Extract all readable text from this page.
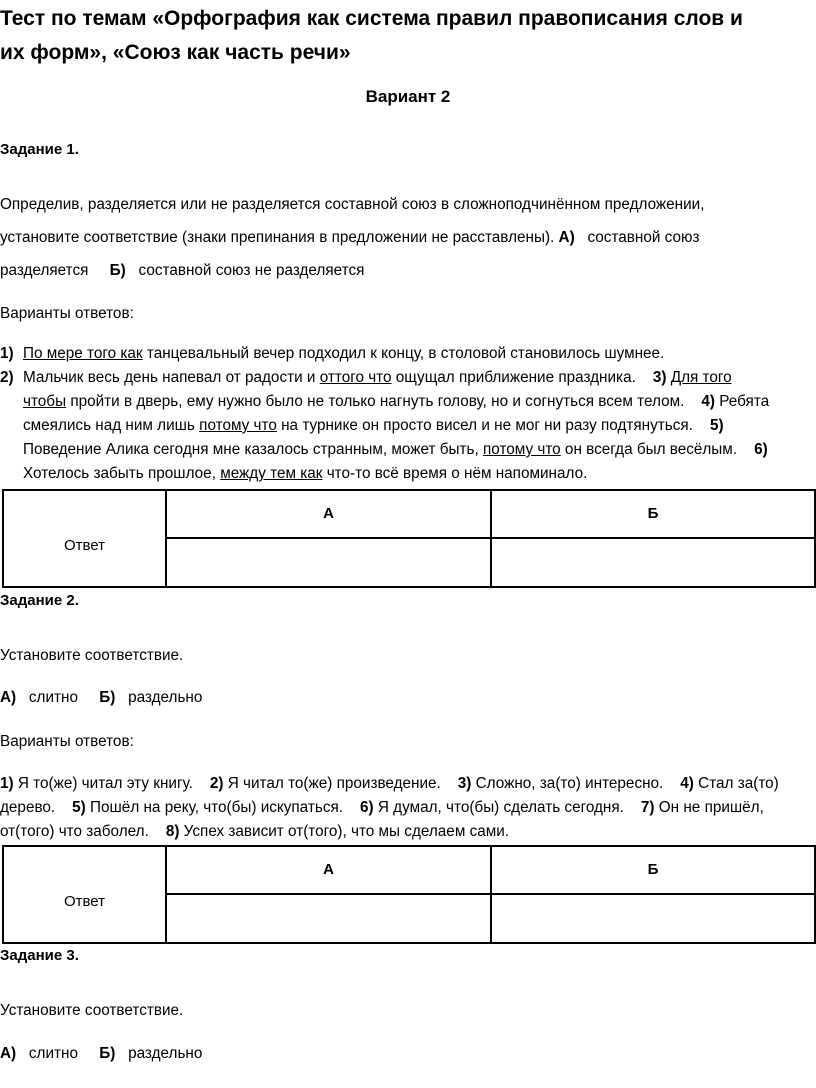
Тест по темам «Орфография как система правил правописания слов и
их форм», «Союз как часть речи»
Вариант 2
Задание 1.
Определив, разделяется или не разделяется составной союз в сложноподчинённом предложении,
установите соответствие (знаки препинания в предложении не расставлены). А) составной союз
разделяется Б) составной союз не разделяется
Варианты ответов:
1) По мере того как танцевальный вечер подходил к концу, в столовой становилось шумнее.
2) Мальчик весь день напевал от радости и оттого что ощущал приближение праздника. 3) Для того
чтобы пройти в дверь, ему нужно было не только нагнуть голову, но и согнуться всем телом. 4) Ребята
смеялись над ним лишь потому что на турнике он просто висел и не мог ни разу подтянуться. 5)
Поведение Алика сегодня мне казалось странным, может быть, потому что он всегда был весёлым. 6)
Хотелось забыть прошлое, между тем как что-то всё время о нём напоминало.
Ответ
А	Б
Задание 2.
Установите соответствие.
А) слитно Б) раздельно
Варианты ответов:
1) Я то(же) читал эту книгу. 2) Я читал то(же) произведение. 3) Сложно, за(то) интересно. 4) Стал за(то)
дерево. 5) Пошёл на реку, что(бы) искупаться. 6) Я думал, что(бы) сделать сегодня. 7) Он не пришёл,
от(того) что заболел. 8) Успех зависит от(того), что мы сделаем сами.
Ответ
А	Б
Задание 3.
Установите соответствие.
А) слитно Б) раздельно
